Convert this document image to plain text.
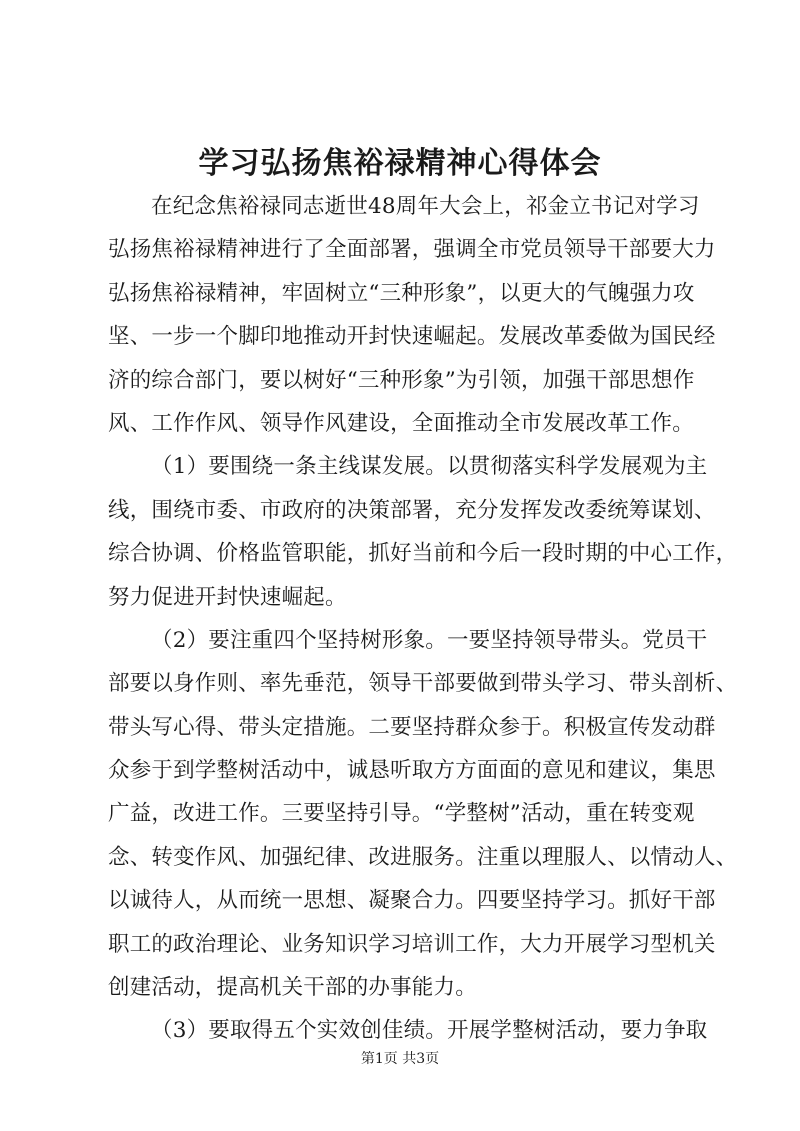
学习弘扬焦裕禄精神心得体会
在纪念焦裕禄同志逝世48周年大会上，祁金立书记对学习
弘扬焦裕禄精神进行了全面部署，强调全市党员领导干部要大力
弘扬焦裕禄精神，牢固树立“三种形象”，以更大的气魄强力攻
坚、一步一个脚印地推动开封快速崛起。发展改革委做为国民经
济的综合部门，要以树好“三种形象”为引领，加强干部思想作
风、工作作风、领导作风建设，全面推动全市发展改革工作。
（1）要围绕一条主线谋发展。以贯彻落实科学发展观为主
线，围绕市委、市政府的决策部署，充分发挥发改委统筹谋划、
综合协调、价格监管职能，抓好当前和今后一段时期的中心工作，
努力促进开封快速崛起。
（2）要注重四个坚持树形象。一要坚持领导带头。党员干
部要以身作则、率先垂范，领导干部要做到带头学习、带头剖析、
带头写心得、带头定措施。二要坚持群众参于。积极宣传发动群
众参于到学整树活动中，诚恳听取方方面面的意见和建议，集思
广益，改进工作。三要坚持引导。“学整树”活动，重在转变观
念、转变作风、加强纪律、改进服务。注重以理服人、以情动人、
以诚待人，从而统一思想、凝聚合力。四要坚持学习。抓好干部
职工的政治理论、业务知识学习培训工作，大力开展学习型机关
创建活动，提高机关干部的办事能力。
（3）要取得五个实效创佳绩。开展学整树活动，要力争取
第1页 共3页
